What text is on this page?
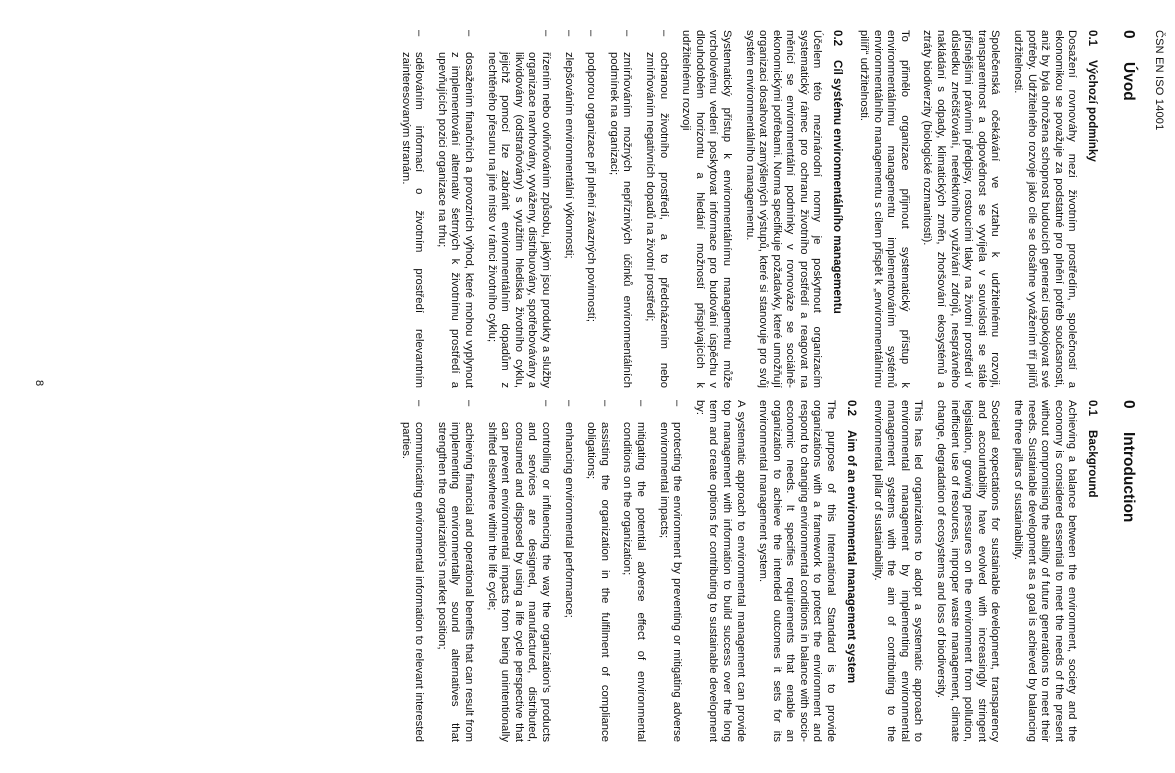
ČSN EN ISO 14001
0Úvod
0.1Výchozí podmínky

Dosažení rovnováhy mezi životním prostředím, společností a ekonomikou se považuje za podstatné pro plnění potřeb současnosti, aniž by byla ohrožena schopnost budoucích generací uspokojovat své potřeby. Udržitelného rozvoje jako cíle se dosáhne vyvážením tří pilířů udržitelnosti.

Společenská očekávání ve vztahu k udržitelnému rozvoji, transparentnost a odpovědnost se vyvíjela v souvislosti se stále přísnějšími právními předpisy, rostoucími tlaky na životní prostředí v důsledku znečišťování, neefektivního využívání zdrojů, nesprávného nakládání s odpady, klimatických změn, zhoršování ekosystémů a ztráty biodiverzity (biologické rozmanitosti).

To přimělo organizace přijmout systematický přístup k environmentálnímu managementu implementováním systémů environmentálního managementu s cílem přispět k „environmentálnímu pilíři“ udržitelnosti.

0.2Cíl systému environmentálního managementu

Účelem této mezinárodní normy je poskytnout organizacím systematický rámec pro ochranu životního prostředí a reagovat na měnící se environmentální podmínky v rovnováze se sociálně-ekonomickými potřebami. Norma specifikuje požadavky, které umožňují organizaci dosahovat zamýšlených výstupů, které si stanovuje pro svůj systém environmentálního managementu.

Systematický přístup k environmentálnímu managementu může vrcholovému vedení poskytovat informace pro budování úspěchu v dlouhodobém horizontu a hledání možností přispívajících k udržitelnému rozvoji

–
ochranou životního prostředí, a to předcházením nebo zmírňováním negativních dopadů na životní prostředí;
–
zmírňováním možných nepříznivých účinků environmentálních podmínek na organizaci;
–
podporou organizace při plnění závazných povinností;
–
zlepšováním environmentální výkonnosti;
–
řízením nebo ovlivňováním způsobu, jakým jsou produkty a služby organizace navrhovány, vyváženy, distribuovány, spotřebovávány a likvidovány (odstraňovány) s využitím hlediska životního cyklu, jejichž pomocí lze zabránit environmentálním dopadům z nechtěného přesunu na jiné místo v rámci životního cyklu;
–
dosažením finančních a provozních výhod, které mohou vyplynout z implementování alternativ šetrných k životnímu prostředí a upevňujících pozici organizace na trhu;
–
sdělováním informací o životním prostředí relevantním zainteresovaným stranám.
0Introduction
0.1Background

Achieving a balance between the environment, society and the economy is considered essential to meet the needs of the present without compromising the ability of future generations to meet their needs. Sustainable development as a goal is achieved by balancing the three pillars of sustainability.

Societal expectations for sustainable development, transparency and accountability have evolved with increasingly stringent legislation, growing pressures on the environment from pollution, inefficient use of resources, improper waste management, climate change, degradation of ecosystems and loss of biodiversity.

This has led organizations to adopt a systematic approach to environmental management by implementing environmental management systems with the aim of contributing to the environmental pillar of sustainability.

0.2Aim of an environmental management system

The purpose of this International Standard is to provide organizations with a framework to protect the environment and respond to changing environmental conditions in balance with socio-economic needs. It specifies requirements that enable an organization to achieve the intended outcomes it sets for its environmental management system.

A systematic approach to environmental management can provide top management with information to build success over the long term and create options for contributing to sustainable development by:

–
protecting the environment by preventing or mitigating adverse environmental impacts;
–
mitigating the potential adverse effect of environmental conditions on the organization;
–
assisting the organization in the fulfilment of compliance obligations;
–
enhancing environmental performance;
–
controlling or influencing the way the organization's products and services are designed, manufactured, distributed, consumed and disposed by using a life cycle perspective that can prevent environmental impacts from being unintentionally shifted elsewhere within the life cycle;
–
achieving financial and operational benefits that can result from implementing environmentally sound alternatives that strengthen the organization's market position;
–
communicating environmental information to relevant interested parties.
8
